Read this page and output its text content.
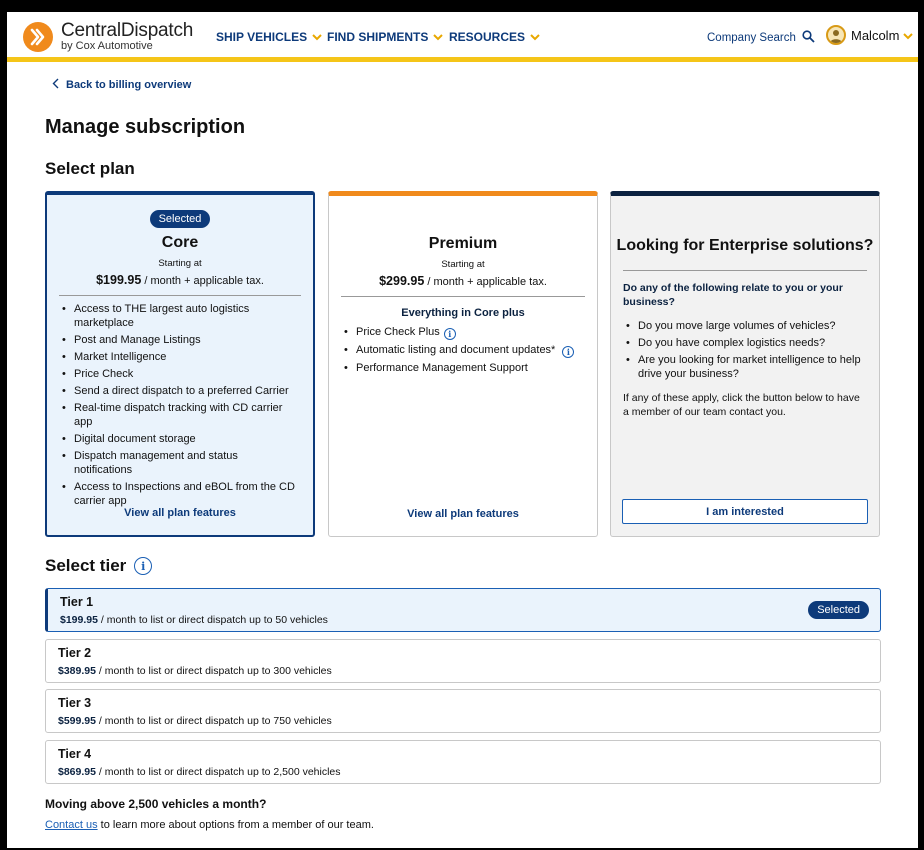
CentralDispatch
by Cox Automotive
SHIP VEHICLES FIND SHIPMENTS RESOURCES	Company Search	Malcolm
Back to billing overview
Manage subscription
Select plan
Selected
Core
Starting at
$199.95 / month + applicable tax.
• Access to THE largest auto logistics marketplace
• Post and Manage Listings
• Market Intelligence
• Price Check
• Send a direct dispatch to a preferred Carrier
• Real-time dispatch tracking with CD carrier app
• Digital document storage
• Dispatch management and status notifications
• Access to Inspections and eBOL from the CD carrier app
View all plan features
Premium
Starting at
$299.95 / month + applicable tax.
Everything in Core plus
• Price Check Plus i
• Automatic listing and document updates* i
• Performance Management Support
View all plan features
Looking for Enterprise solutions?
Do any of the following relate to you or your business?
• Do you move large volumes of vehicles?
• Do you have complex logistics needs?
• Are you looking for market intelligence to help drive your business?
If any of these apply, click the button below to have a member of our team contact you.
I am interested
Select tier	i
Tier 1
$199.95 / month to list or direct dispatch up to 50 vehicles
Selected
Tier 2
$389.95 / month to list or direct dispatch up to 300 vehicles
Tier 3
$599.95 / month to list or direct dispatch up to 750 vehicles
Tier 4
$869.95 / month to list or direct dispatch up to 2,500 vehicles
Moving above 2,500 vehicles a month?
Contact us to learn more about options from a member of our team.
